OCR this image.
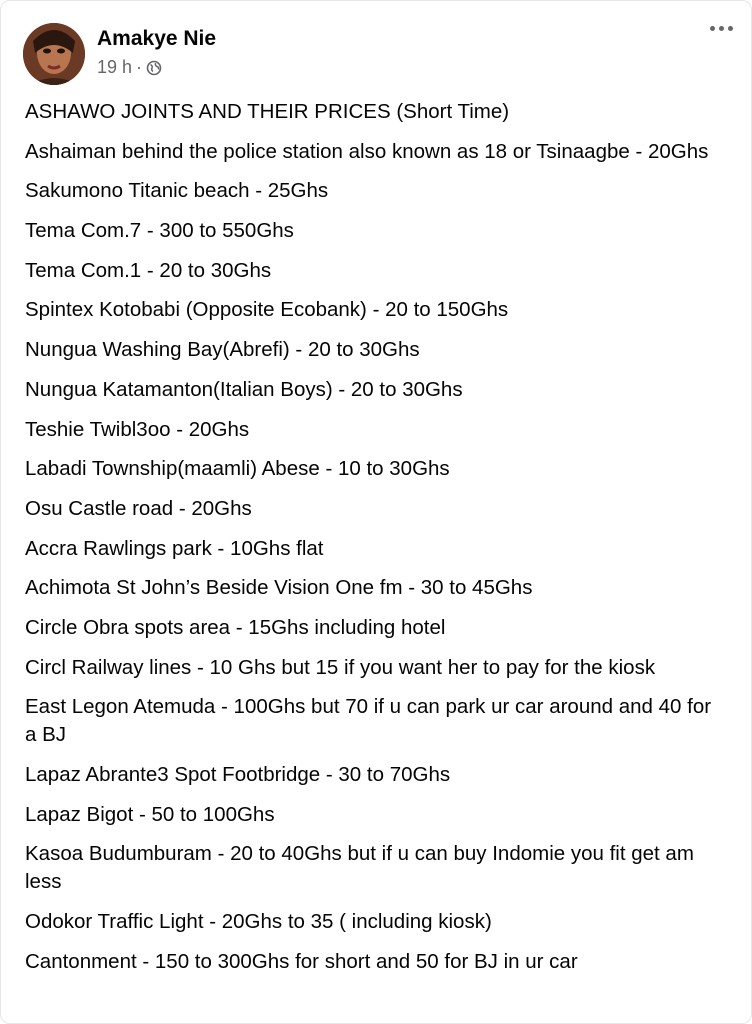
Amakye Nie
19 h ·

ASHAWO JOINTS AND THEIR PRICES (Short Time)

Ashaiman behind the police station also known as 18 or Tsinaagbe - 20Ghs

Sakumono Titanic beach - 25Ghs

Tema Com.7 - 300 to 550Ghs

Tema Com.1 - 20 to 30Ghs

Spintex Kotobabi (Opposite Ecobank) - 20 to 150Ghs

Nungua Washing Bay(Abrefi) - 20 to 30Ghs

Nungua Katamanton(Italian Boys) - 20 to 30Ghs

Teshie Twibl3oo - 20Ghs

Labadi Township(maamli) Abese - 10 to 30Ghs

Osu Castle road - 20Ghs

Accra Rawlings park - 10Ghs flat

Achimota St John’s Beside Vision One fm - 30 to 45Ghs

Circle Obra spots area - 15Ghs including hotel

Circl Railway lines - 10 Ghs but 15 if you want her to pay for the kiosk

East Legon Atemuda - 100Ghs but 70 if u can park ur car around and 40 for a BJ

Lapaz Abrante3 Spot Footbridge - 30 to 70Ghs

Lapaz Bigot - 50 to 100Ghs

Kasoa Budumburam - 20 to 40Ghs but if u can buy Indomie you fit get am less

Odokor Traffic Light - 20Ghs to 35 ( including kiosk)

Cantonment - 150 to 300Ghs for short and 50 for BJ in ur car
